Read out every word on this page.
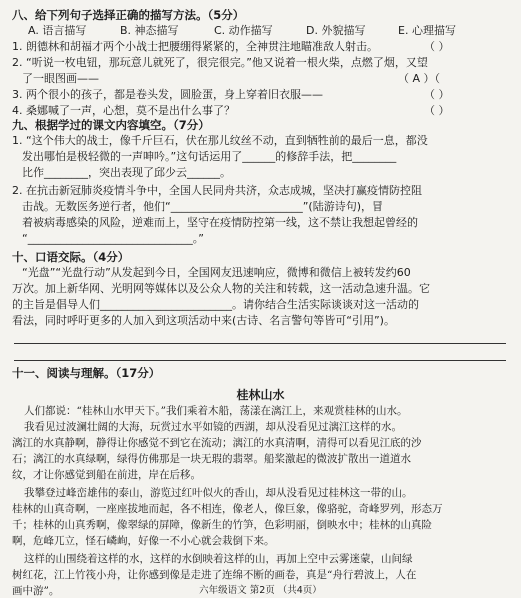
八、给下列句子选择正确的描写方法。（5分）
A. 语言描写	B. 神态描写	C. 动作描写	D. 外貌描写	E. 心理描写
1. 朗德林和胡福才两个小战士把腰绷得紧紧的，全神贯注地瞄准敌人射击。	（ ）
2. “听说一枚电钮，那玩意儿就死了，很完很完。”他又说着一根火柴，点燃了烟，又望
了一眼图画——	（ A ）（
3. 两个很小的孩子，都是卷头发，圆脸蛋，身上穿着旧衣服——	（ ）
4. 桑娜喊了一声，心想，莫不是出什么事了？	（ ）
九、根据学过的课文内容填空。（7分）
1. “这个伟大的战士，像千斤巨石，伏在那儿纹丝不动，直到牺牲前的最后一息，都没
发出哪怕是极轻微的一声呻吟。”这句话运用了______的修辞手法，把________
比作________，突出表现了邱少云______。
2. 在抗击新冠肺炎疫情斗争中，全国人民同舟共济，众志成城，坚决打赢疫情防控阻
击战。无数医务逆行者，他们“________________________”(陆游诗句)，冒
着被病毒感染的风险，逆难而上，坚守在疫情防控第一线，这不禁让我想起曾经的
“______________________________。”
十、口语交际。（4分）
“光盘”“光盘行动”从发起到今日，全国网友迅速响应，微博和微信上被转发约60
万次。加上新华网、光明网等媒体以及公众人物的关注和转载，这一活动急速升温。它
的主旨是倡导人们________________________。请你结合生活实际谈谈对这一活动的
看法，同时呼吁更多的人加入到这项活动中来(古诗、名言警句等皆可“引用”)。
十一、阅读与理解。（17分）
桂林山水
人们都说：“桂林山水甲天下。”我们乘着木船，荡漾在漓江上，来观赏桂林的山水。
我看见过波澜壮阔的大海，玩赏过水平如镜的西湖，却从没看见过漓江这样的水。
漓江的水真静啊，静得让你感觉不到它在流动；漓江的水真清啊，清得可以看见江底的沙
石；漓江的水真绿啊，绿得仿佛那是一块无瑕的翡翠。船桨激起的微波扩散出一道道水
纹，才让你感觉到船在前进，岸在后移。
我攀登过峰峦雄伟的泰山，游览过红叶似火的香山，却从没看见过桂林这一带的山。
桂林的山真奇啊，一座座拔地而起，各不相连，像老人，像巨象，像骆驼，奇峰罗列，形态万
千；桂林的山真秀啊，像翠绿的屏障，像新生的竹笋，色彩明丽，倒映水中；桂林的山真险
啊，危峰兀立，怪石嶙峋，好像一不小心就会栽倒下来。
这样的山围绕着这样的水，这样的水倒映着这样的山，再加上空中云雾迷蒙，山间绿
树红花，江上竹筏小舟，让你感到像是走进了连绵不断的画卷，真是“舟行碧波上，人在
画中游”。	六年级语文 第2页 （共4页）
